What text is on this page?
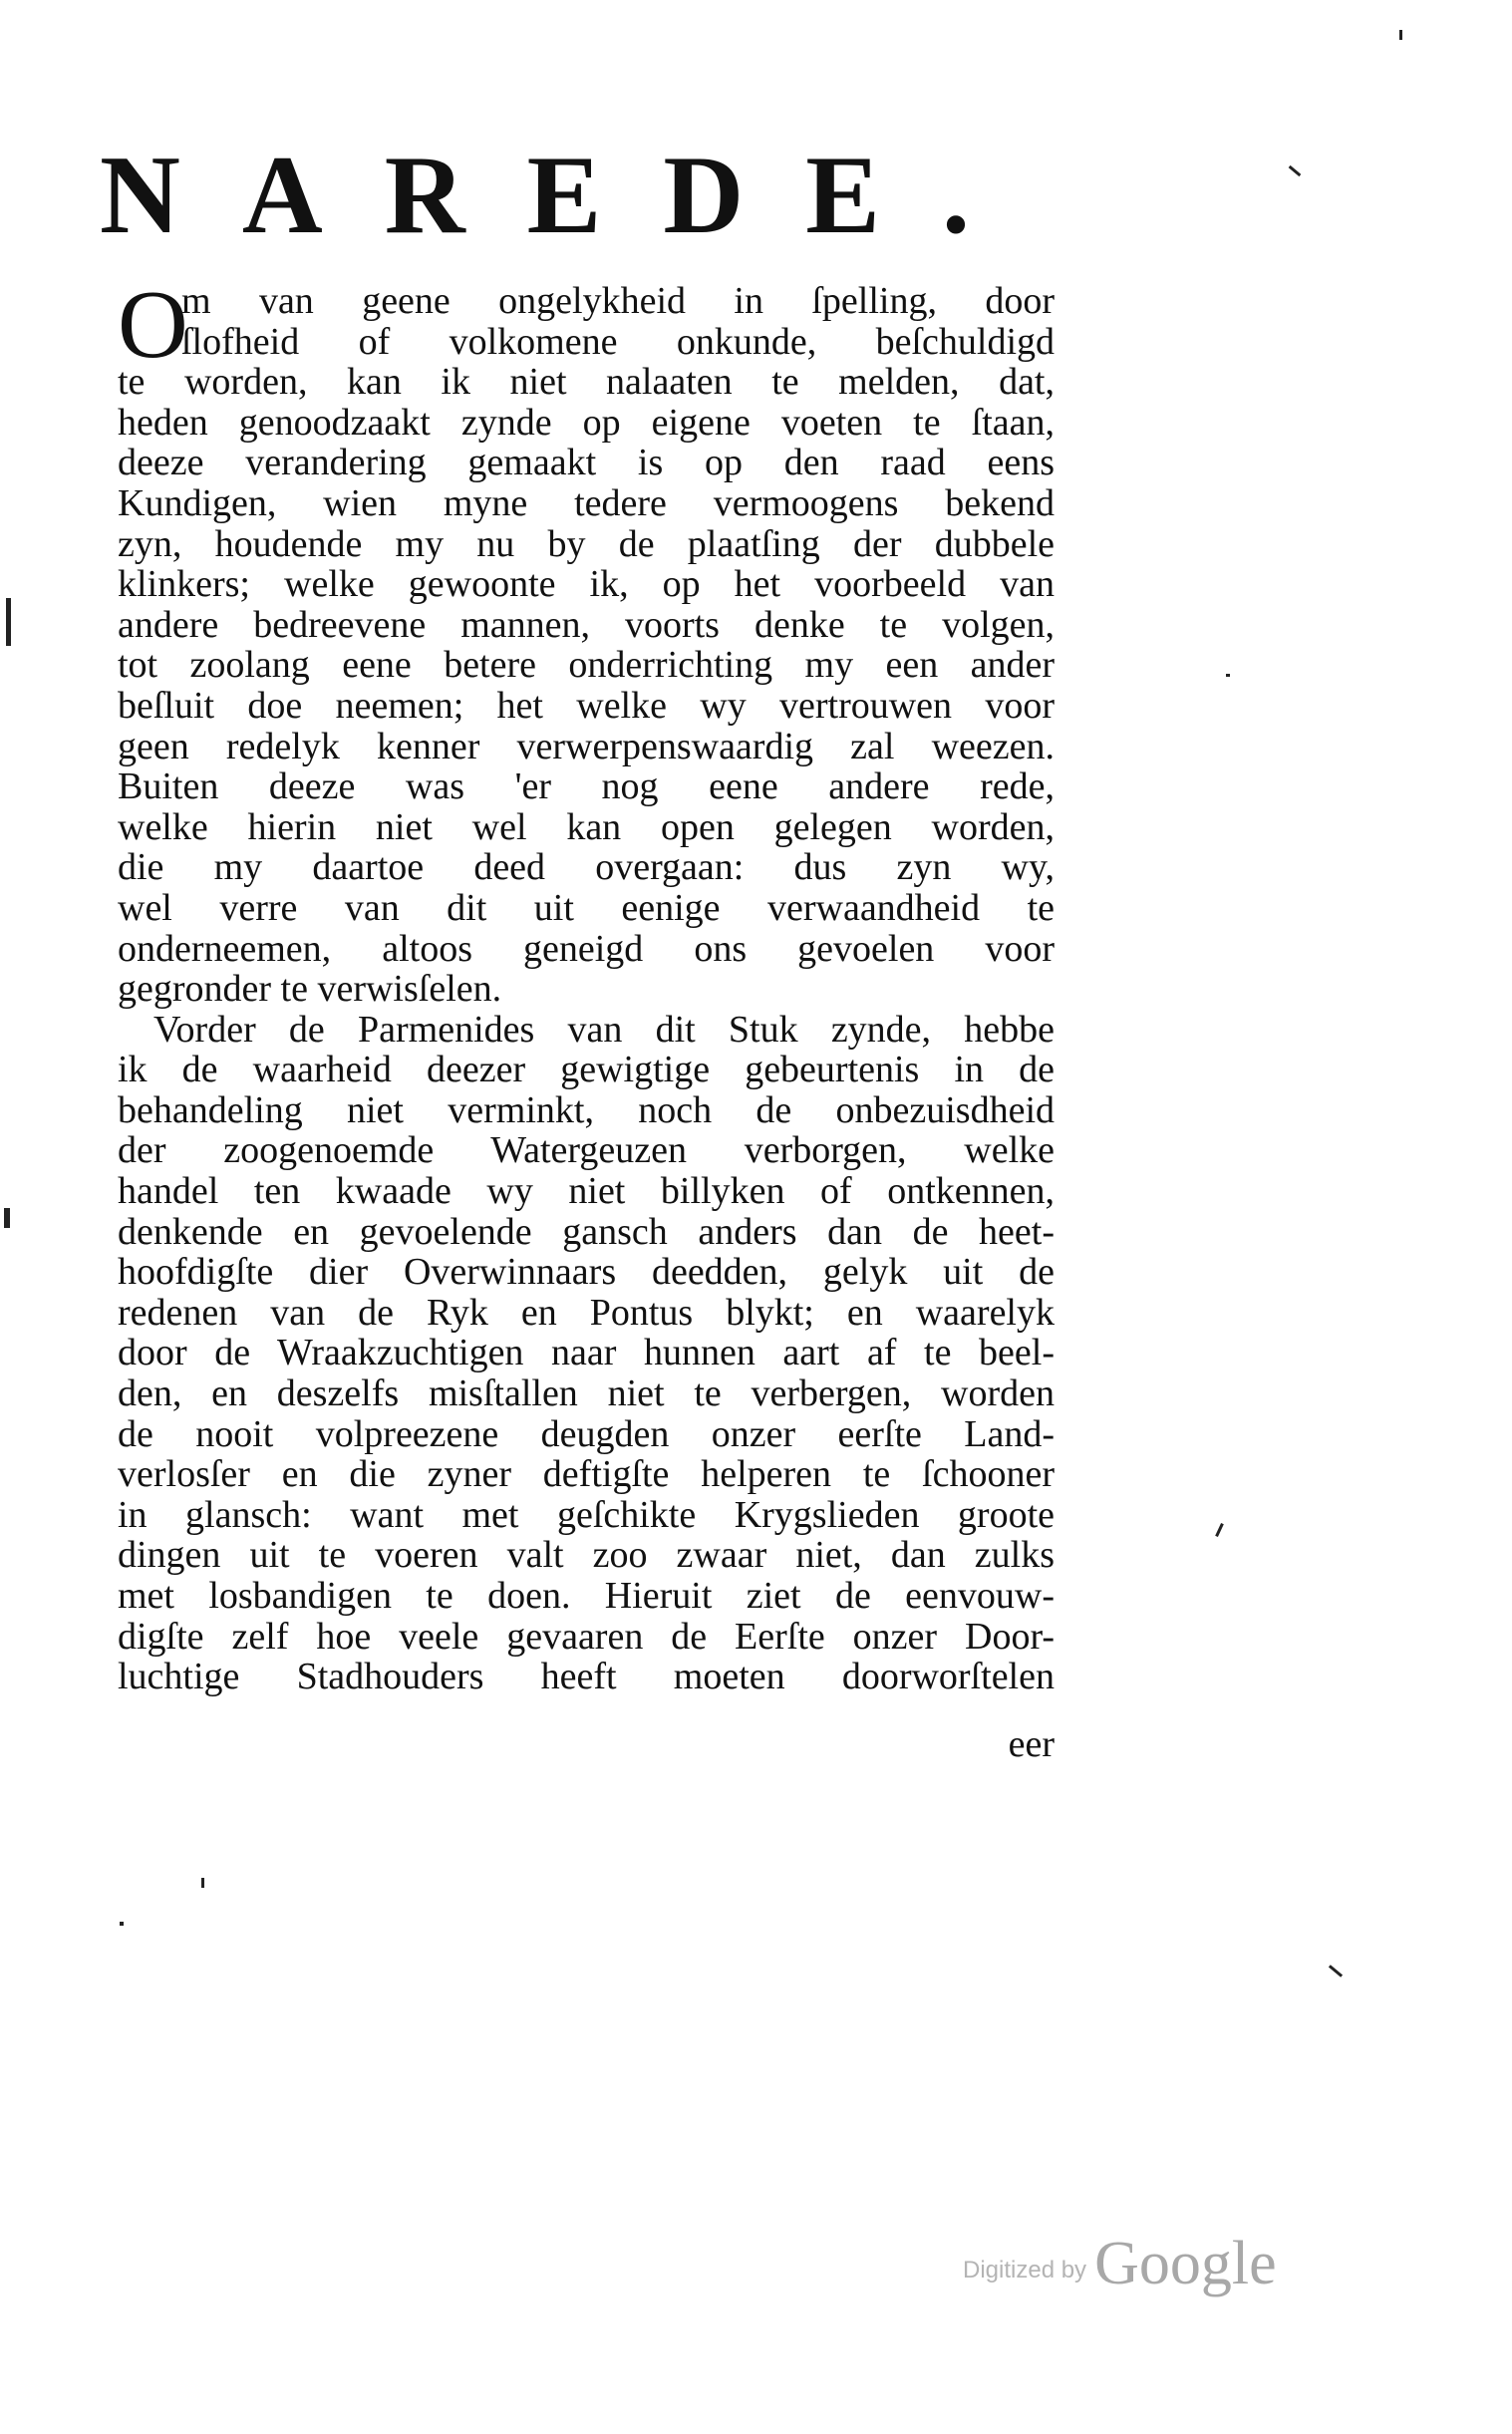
NAREDE.
O
m van geene ongelykheid in ſpelling, door
ſlofheid of volkomene onkunde, beſchuldigd
te worden, kan ik niet nalaaten te melden, dat,
heden genoodzaakt zynde op eigene voeten te ſtaan,
deeze verandering gemaakt is op den raad eens
Kundigen, wien myne tedere vermoogens bekend
zyn, houdende my nu by de plaatſing der dubbele
klinkers; welke gewoonte ik, op het voorbeeld van
andere bedreevene mannen, voorts denke te volgen,
tot zoolang eene betere onderrichting my een ander
beſluit doe neemen; het welke wy vertrouwen voor
geen redelyk kenner verwerpenswaardig zal weezen.
Buiten deeze was 'er nog eene andere rede,
welke hierin niet wel kan open gelegen worden,
die my daartoe deed overgaan: dus zyn wy,
wel verre van dit uit eenige verwaandheid te
onderneemen, altoos geneigd ons gevoelen voor
gegronder te verwisſelen.
Vorder de Parmenides van dit Stuk zynde, hebbe
ik de waarheid deezer gewigtige gebeurtenis in de
behandeling niet verminkt, noch de onbezuisdheid
der zoogenoemde Watergeuzen verborgen, welke
handel ten kwaade wy niet billyken of ontkennen,
denkende en gevoelende gansch anders dan de heet-
hoofdigſte dier Overwinnaars deedden, gelyk uit de
redenen van de Ryk en Pontus blykt; en waarelyk
door de Wraakzuchtigen naar hunnen aart af te beel-
den, en deszelfs misſtallen niet te verbergen, worden
de nooit volpreezene deugden onzer eerſte Land-
verlosſer en die zyner deftigſte helperen te ſchooner
in glansch: want met geſchikte Krygslieden groote
dingen uit te voeren valt zoo zwaar niet, dan zulks
met losbandigen te doen. Hieruit ziet de eenvouw-
digſte zelf hoe veele gevaaren de Eerſte onzer Door-
luchtige Stadhouders heeft moeten doorworſtelen
eer
Digitized by Google
